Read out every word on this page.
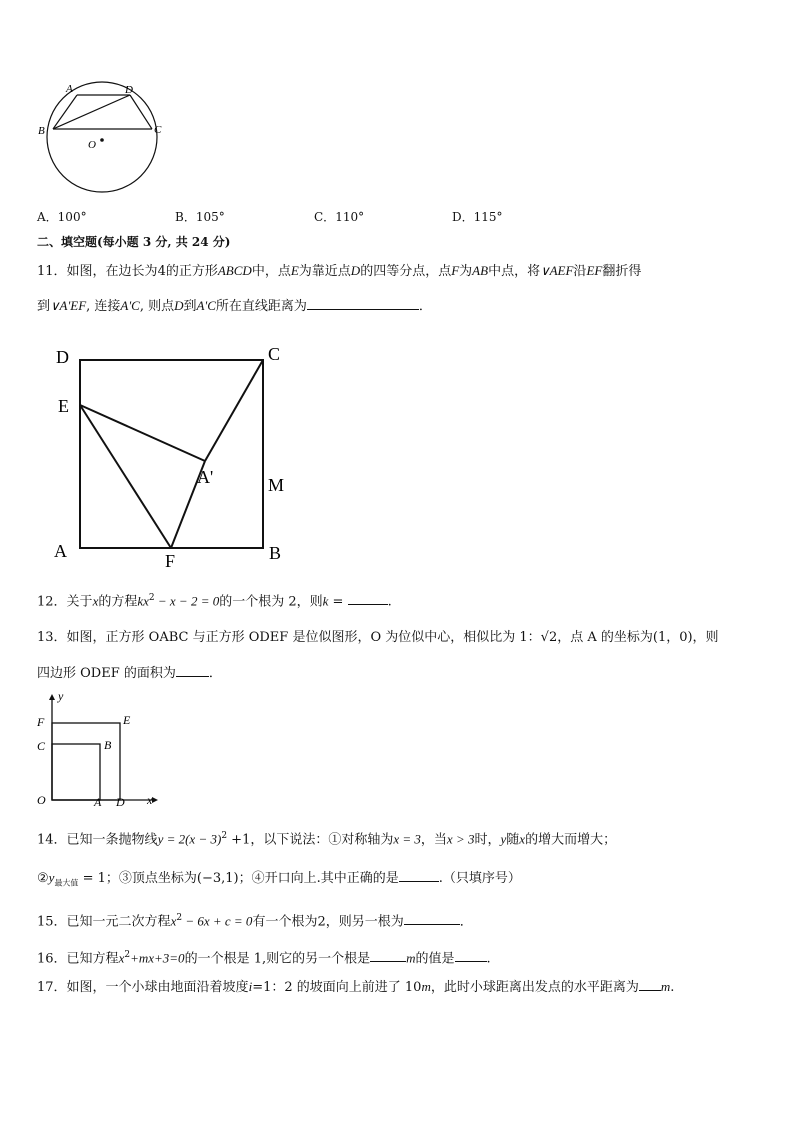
A	D
B	C
O
A．100°	B．105°	C．110°	D．115°
二、填空题(每小题 3 分, 共 24 分)
11．如图，在边长为4的正方形ABCD中，点E为靠近点D的四等分点，点F为AB中点，将∨AEF沿EF翻折得
到∨A'EF, 连接A'C, 则点D到A'C所在直线距离为	．
D	C
E
A'	M
A	F	B
12．关于x的方程$kx^2 - x - 2 = 0$的一个根为 2，则k =	.
13．如图，正方形 OABC 与正方形 ODEF 是位似图形，O 为位似中心，相似比为 1：√2，点 A 的坐标为(1，0)，则
四边形 ODEF 的面积为	．
y
F	E
C	B
O	A D x
14．已知一条抛物线$y = 2(x - 3)^2 +1$，以下说法：①对称轴为x = 3，当x > 3时，y随x的增大而增大；
$②y_{最大值} = 1$；③顶点坐标为(−3,1)；④开口向上.其中正确的是	.（只填序号）
15．已知一元二次方程$x^2 - 6x + c = 0$有一个根为2，则另一根为	．
16．已知方程$x^2+mx+3=0$的一个根是 1,则它的另一个根是	m的值是 .
17．如图，一个小球由地面沿着坡度i=1：2 的坡面向上前进了 10m，此时小球距离出发点的水平距离为 m.
